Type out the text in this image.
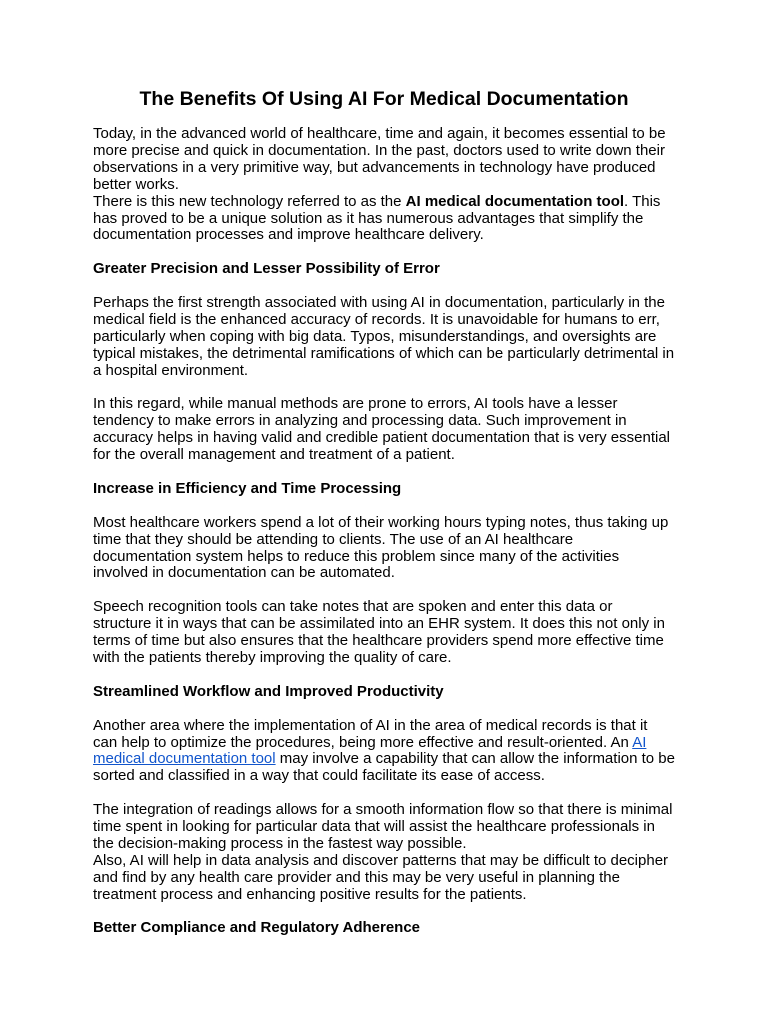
The Benefits Of Using AI For Medical Documentation

Today, in the advanced world of healthcare, time and again, it becomes essential to be more precise and quick in documentation. In the past, doctors used to write down their observations in a very primitive way, but advancements in technology have produced better works.

There is this new technology referred to as the AI medical documentation tool. This has proved to be a unique solution as it has numerous advantages that simplify the documentation processes and improve healthcare delivery.

Greater Precision and Lesser Possibility of Error

Perhaps the first strength associated with using AI in documentation, particularly in the medical field is the enhanced accuracy of records. It is unavoidable for humans to err, particularly when coping with big data. Typos, misunderstandings, and oversights are typical mistakes, the detrimental ramifications of which can be particularly detrimental in a hospital environment.

In this regard, while manual methods are prone to errors, AI tools have a lesser tendency to make errors in analyzing and processing data. Such improvement in accuracy helps in having valid and credible patient documentation that is very essential for the overall management and treatment of a patient.

Increase in Efficiency and Time Processing

Most healthcare workers spend a lot of their working hours typing notes, thus taking up time that they should be attending to clients. The use of an AI healthcare documentation system helps to reduce this problem since many of the activities involved in documentation can be automated.

Speech recognition tools can take notes that are spoken and enter this data or structure it in ways that can be assimilated into an EHR system. It does this not only in terms of time but also ensures that the healthcare providers spend more effective time with the patients thereby improving the quality of care.

Streamlined Workflow and Improved Productivity

Another area where the implementation of AI in the area of medical records is that it can help to optimize the procedures, being more effective and result-oriented. An AI medical documentation tool may involve a capability that can allow the information to be sorted and classified in a way that could facilitate its ease of access.

The integration of readings allows for a smooth information flow so that there is minimal time spent in looking for particular data that will assist the healthcare professionals in the decision-making process in the fastest way possible.

Also, AI will help in data analysis and discover patterns that may be difficult to decipher and find by any health care provider and this may be very useful in planning the treatment process and enhancing positive results for the patients.

Better Compliance and Regulatory Adherence
